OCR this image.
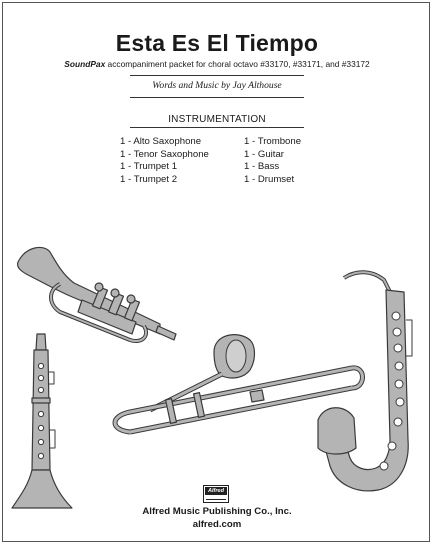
Esta Es El Tiempo
SoundPax accompaniment packet for choral octavo #33170, #33171, and #33172
Words and Music by Jay Althouse
INSTRUMENTATION
1 - Alto Saxophone
1 - Tenor Saxophone
1 - Trumpet 1
1 - Trumpet 2
1 - Trombone
1 - Guitar
1 - Bass
1 - Drumset
Alfred
Alfred Music Publishing Co., Inc.
alfred.com
